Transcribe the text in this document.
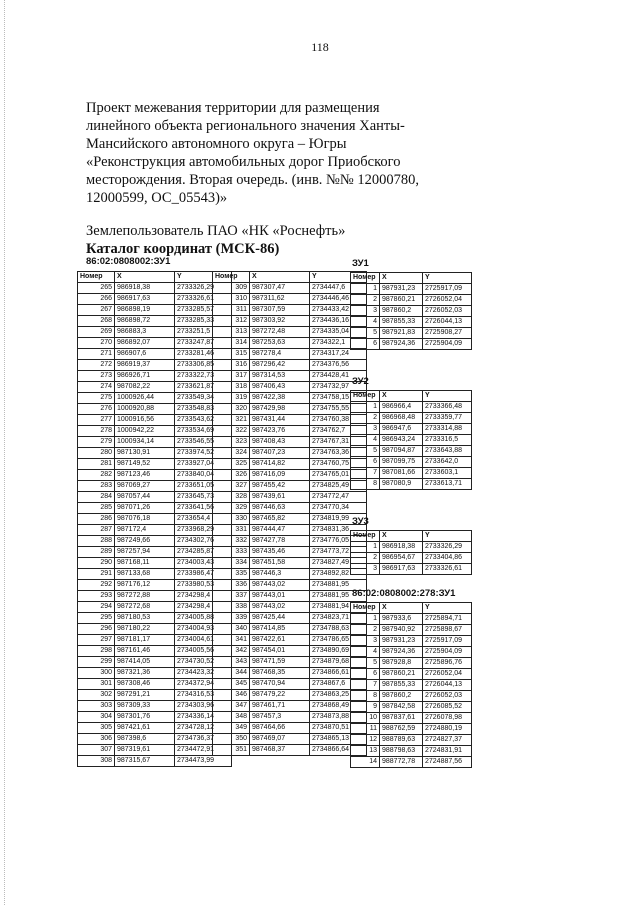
118

Проект межевания территории для размещения

линейного объекта регионального значения Ханты-

Мансийского автономного округа – Югры

«Реконструкция автомобильных дорог Приобского

месторождения. Вторая очередь. (инв. №№ 12000780,

12000599, ОС_05543)»

Землепользователь ПАО «НК «Роснефть»
Каталог координат (МСК-86)
86:02:0808002:ЗУ1
Номер	X	Y
265	986918,38	2733326,29
266	986917,63	2733326,61
267	986898,19	2733285,57
268	986898,72	2733285,33
269	986883,3	2733251,5
270	986892,07	2733247,87
271	986907,6	2733281,46
272	986919,37	2733306,85
273	986926,71	2733322,73
274	987082,22	2733621,87
275	1000926,44	2733549,34
276	1000920,88	2733548,83
277	1000916,56	2733543,62
278	1000942,22	2733534,69
279	1000934,14	2733546,55
280	987130,91	2733974,52
281	987149,52	2733927,04
282	987123,46	2733840,04
283	987069,27	2733651,05
284	987057,44	2733645,73
285	987071,26	2733641,56
286	987076,18	2733654,4
287	987172,4	2733968,29
288	987249,66	2734302,76
289	987257,94	2734285,87
290	987168,11	2734003,43
291	987133,68	2733986,47
292	987176,12	2733980,53
293	987272,88	2734298,4
294	987272,68	2734298,4
295	987180,53	2734005,88
296	987180,22	2734004,93
297	987181,17	2734004,61
298	987161,46	2734005,56
299	987414,05	2734730,52
300	987321,36	2734423,32
301	987308,46	2734372,94
302	987291,21	2734316,53
303	987309,33	2734303,96
304	987301,76	2734336,14
305	987421,61	2734728,12
306	987398,6	2734736,37
307	987319,61	2734472,91
308	987315,67	2734473,99
Номер	X	Y
309	987307,47	2734447,6
310	987311,62	2734446,46
311	987307,59	2734433,42
312	987303,92	2734436,16
313	987272,48	2734335,04
314	987253,63	2734322,1
315	987278,4	2734317,24
316	987296,42	2734376,56
317	987314,53	2734428,41
318	987406,43	2734732,97
319	987422,38	2734758,15
320	987429,98	2734755,55
321	987431,44	2734760,38
322	987423,76	2734762,7
323	987408,43	2734767,31
324	987407,23	2734763,36
325	987414,82	2734760,75
326	987416,09	2734765,01
327	987455,42	2734825,49
328	987439,61	2734772,47
329	987446,63	2734770,34
330	987465,82	2734819,99
331	987444,47	2734831,36
332	987427,78	2734776,05
333	987435,46	2734773,72
334	987451,58	2734827,49
335	987446,3	2734892,82
336	987443,02	2734881,95
337	987443,01	2734881,95
338	987443,02	2734881,94
339	987425,44	2734823,71
340	987414,85	2734788,63
341	987422,61	2734786,65
342	987454,01	2734890,69
343	987471,59	2734879,68
344	987468,35	2734866,61
345	987470,94	2734867,6
346	987479,22	2734863,25
347	987461,71	2734868,49
348	987457,3	2734873,88
349	987464,66	2734870,51
350	987469,07	2734865,13
351	987468,37	2734866,64
ЗУ1
Номер	X	Y
1	987931,23	2725917,09
2	987860,21	2726052,04
3	987860,2	2726052,03
4	987855,33	2726044,13
5	987921,83	2725908,27
6	987924,36	2725904,09
ЗУ2
Номер	X	Y
1	986966,4	2733366,48
2	986968,48	2733359,77
3	986947,6	2733314,88
4	986943,24	2733316,5
5	987094,87	2733643,88
6	987099,75	2733642,0
7	987081,66	2733603,1
8	987080,9	2733613,71
ЗУ3
Номер	X	Y
1	986918,38	2733326,29
2	986954,67	2733404,86
3	986917,63	2733326,61
86:02:0808002:278:ЗУ1
Номер	X	Y
1	987933,6	2725894,71
2	987940,92	2725898,67
3	987931,23	2725917,09
4	987924,36	2725904,09
5	987928,8	2725896,76
6	987860,21	2726052,04
7	987855,33	2726044,13
8	987860,2	2726052,03
9	987842,58	2726085,52
10	987837,61	2726078,98
11	988762,59	2724880,19
12	988789,63	2724827,37
13	988798,63	2724831,91
14	988772,78	2724887,56
